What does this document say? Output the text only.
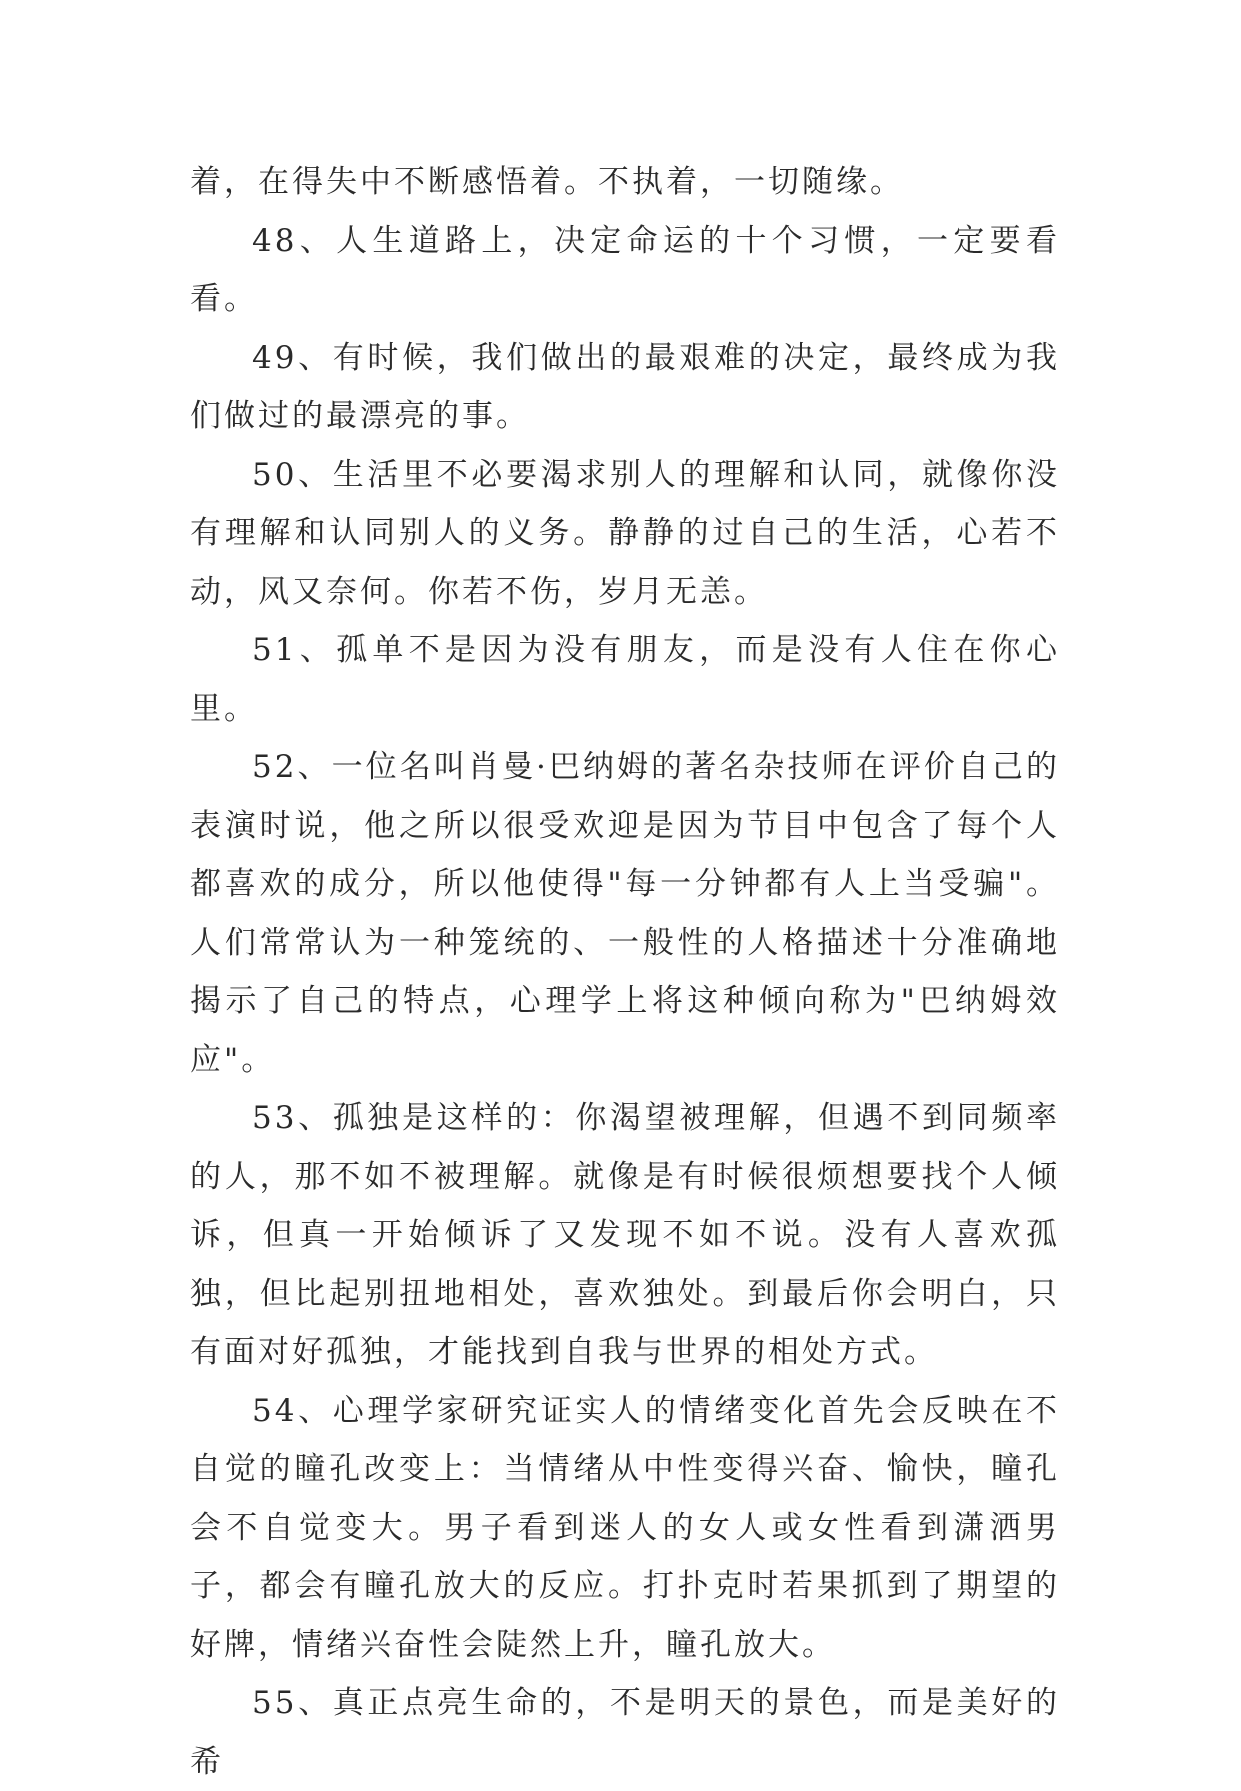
着，在得失中不断感悟着。不执着，一切随缘。

48、人生道路上，决定命运的十个习惯，一定要看看。

49、有时候，我们做出的最艰难的决定，最终成为我们做过的最漂亮的事。

50、生活里不必要渴求别人的理解和认同，就像你没有理解和认同别人的义务。静静的过自己的生活，心若不动，风又奈何。你若不伤，岁月无恙。

51、孤单不是因为没有朋友，而是没有人住在你心里。

52、一位名叫肖曼·巴纳姆的著名杂技师在评价自己的表演时说，他之所以很受欢迎是因为节目中包含了每个人都喜欢的成分，所以他使得"每一分钟都有人上当受骗"。人们常常认为一种笼统的、一般性的人格描述十分准确地揭示了自己的特点，心理学上将这种倾向称为"巴纳姆效应"。

53、孤独是这样的：你渴望被理解，但遇不到同频率的人，那不如不被理解。就像是有时候很烦想要找个人倾诉，但真一开始倾诉了又发现不如不说。没有人喜欢孤独，但比起别扭地相处，喜欢独处。到最后你会明白，只有面对好孤独，才能找到自我与世界的相处方式。

54、心理学家研究证实人的情绪变化首先会反映在不自觉的瞳孔改变上：当情绪从中性变得兴奋、愉快，瞳孔会不自觉变大。男子看到迷人的女人或女性看到潇洒男子，都会有瞳孔放大的反应。打扑克时若果抓到了期望的好牌，情绪兴奋性会陡然上升，瞳孔放大。

55、真正点亮生命的，不是明天的景色，而是美好的希
